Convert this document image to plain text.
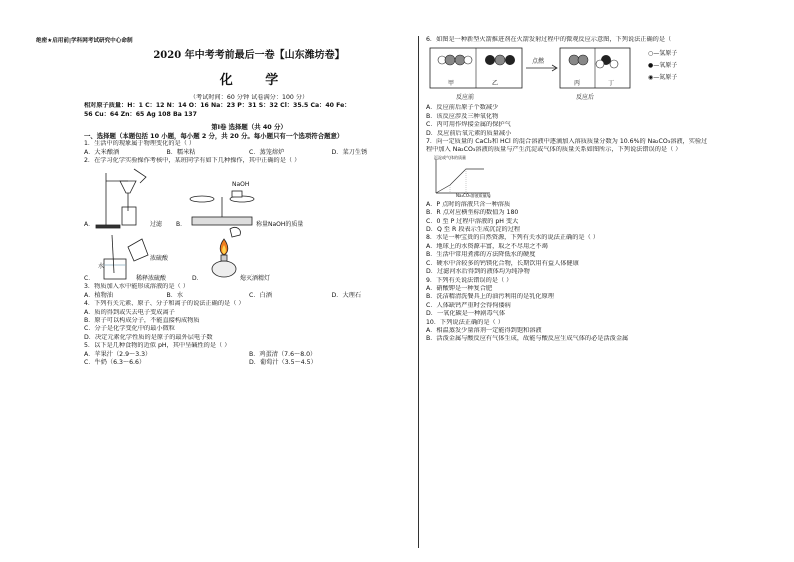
绝密★启用前|学科网考试研究中心命制
2020 年中考考前最后一卷【山东潍坊卷】
化 学
（考试时间：60 分钟 试卷满分：100 分）
相对原子质量：H：1 C：12 N：14 O：16 Na：23 P：31 S：32 Cl：35.5 Ca：40 Fe：
56 Cu：64 Zn：65 Ag 108 Ba 137
第Ⅰ卷 选择题（共 40 分）
一、选择题（本题包括 10 小题，每小题 2 分，共 20 分。每小题只有一个选项符合题意）
1．生活中的现象属于物理变化的是（ ）
A．大米酿酒	B．糯米粘	C．蒸笼熔炉	D．菜刀生锈
2．在学习化学实验操作考核中，某班同学有如下几种操作，其中正确的是（ ）
A．	过滤 B．	称量NaOH的质量
NaOH
C．
水
浓硫酸
稀释浓硫酸	D．	熄灭酒精灯
3．物质加入水中能形成溶液的是（ ）
A．植物油	B．水	C．白酒	D．大理石
4．下列有关元素、原子、分子和离子的说法正确的是（ ）
A．质的得到或失去电子变成离子
B．原子可以构成分子，不能直接构成物质
C．分子是化学变化中的最小微粒
D．决定元素化学性质的是原子的最外层电子数
5．以下是几种食物的近似 pH，其中呈碱性的是（ ）
A．苹果汁（2.9～3.3）	B．鸡蛋清（7.6～8.0）
C．牛奶（6.3～6.6）	D．葡萄汁（3.5～4.5）
6．如图是一种新型火箭推进剂在火箭发射过程中的微观反应示意图，下列说法正确的是（
甲	乙	丙	丁
点燃
反应前	反应后
○—氢原子
●—氧原子
◉—氮原子
A．反应前后原子个数减少
B．该反应涉及三种氧化物
C．丙可用作焊接金属的保护气
D．反应前后氧元素的质量减小
7．向一定质量的 CaCl₂和 HCl 的混合溶液中逐滴加入溶质质量分数为 10.6%的 Na₂CO₃溶液，实验过
程中加入 Na₂CO₃溶液的质量与产生沉淀或气体的质量关系如图所示，下列说法错误的是（ ）
沉淀或气体的质量
Na₂CO₃溶液质量/g
A．P 点时的溶液只含一种溶质
B．R 点对应横坐标的数值为 180
C．0 至 P 过程中溶液的 pH 变大
D．Q 至 R 段表示生成沉淀的过程
8．水是一种宝贵的自然资源，下列有关水的说法正确的是（ ）
A．地球上的水资源丰富，取之不尽用之不竭
B．生活中常用煮沸的方法降低水的硬度
C．硬水中含较多的钙镁化合物，长期饮用有益人体健康
D．过滤河水后得到的液体均为纯净物
9．下列有关说法错误的是（ ）
A．硝酸钾是一种复合肥
B．洗洁精清洗餐具上的油污利用的是乳化原理
C．人体缺钙严重时会得佝偻病
D．一氧化碳是一种剧毒气体
10．下列说法正确的是（ ）
A．相温蒸发少量溶剂一定能得到饱和溶液
B．活泼金属与酸反应有气体生成，故能与酸反应生成气体的必是活泼金属
